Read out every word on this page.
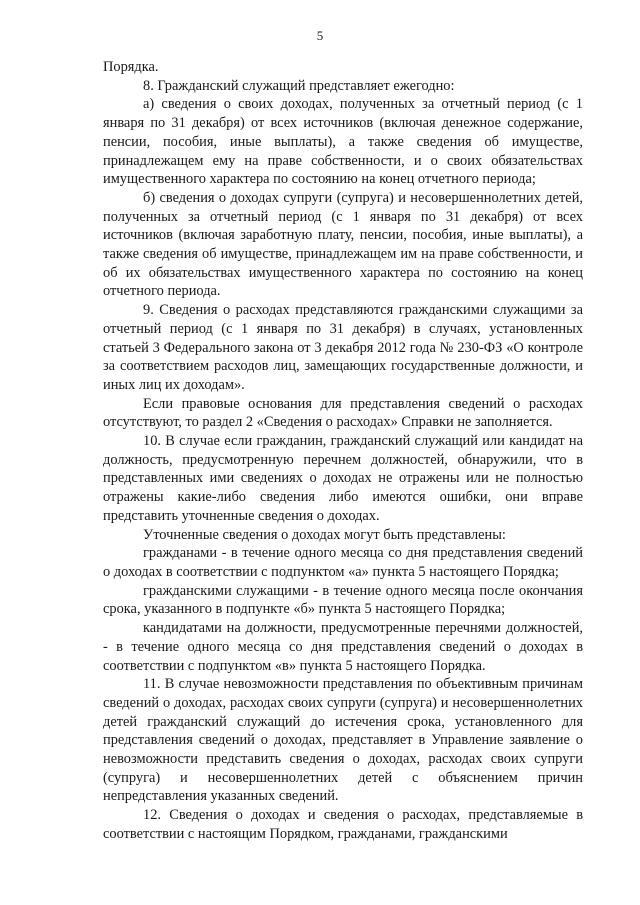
5

Порядка.

8. Гражданский служащий представляет ежегодно:

а) сведения о своих доходах, полученных за отчетный период (с 1 января по 31 декабря) от всех источников (включая денежное содержание, пенсии, пособия, иные выплаты), а также сведения об имуществе, принадлежащем ему на праве собственности, и о своих обязательствах имущественного характера по состоянию на конец отчетного периода;

б) сведения о доходах супруги (супруга) и несовершеннолетних детей, полученных за отчетный период (с 1 января по 31 декабря) от всех источников (включая заработную плату, пенсии, пособия, иные выплаты), а также сведения об имуществе, принадлежащем им на праве собственности, и об их обязательствах имущественного характера по состоянию на конец отчетного периода.

9. Сведения о расходах представляются гражданскими служащими за отчетный период (с 1 января по 31 декабря) в случаях, установленных статьей 3 Федерального закона от 3 декабря 2012 года № 230-ФЗ «О контроле за соответствием расходов лиц, замещающих государственные должности, и иных лиц их доходам».

Если правовые основания для представления сведений о расходах отсутствуют, то раздел 2 «Сведения о расходах» Справки не заполняется.

10. В случае если гражданин, гражданский служащий или кандидат на должность, предусмотренную перечнем должностей, обнаружили, что в представленных ими сведениях о доходах не отражены или не полностью отражены какие-либо сведения либо имеются ошибки, они вправе представить уточненные сведения о доходах.

Уточненные сведения о доходах могут быть представлены:

гражданами - в течение одного месяца со дня представления сведений о доходах в соответствии с подпунктом «а» пункта 5 настоящего Порядка;

гражданскими служащими - в течение одного месяца после окончания срока, указанного в подпункте «б» пункта 5 настоящего Порядка;

кандидатами на должности, предусмотренные перечнями должностей, - в течение одного месяца со дня представления сведений о доходах в соответствии с подпунктом «в» пункта 5 настоящего Порядка.

11. В случае невозможности представления по объективным причинам сведений о доходах, расходах своих супруги (супруга) и несовершеннолетних детей гражданский служащий до истечения срока, установленного для представления сведений о доходах, представляет в Управление заявление о невозможности представить сведения о доходах, расходах своих супруги (супруга) и несовершеннолетних детей с объяснением причин непредставления указанных сведений.

12. Сведения о доходах и сведения о расходах, представляемые в соответствии с настоящим Порядком, гражданами, гражданскими
